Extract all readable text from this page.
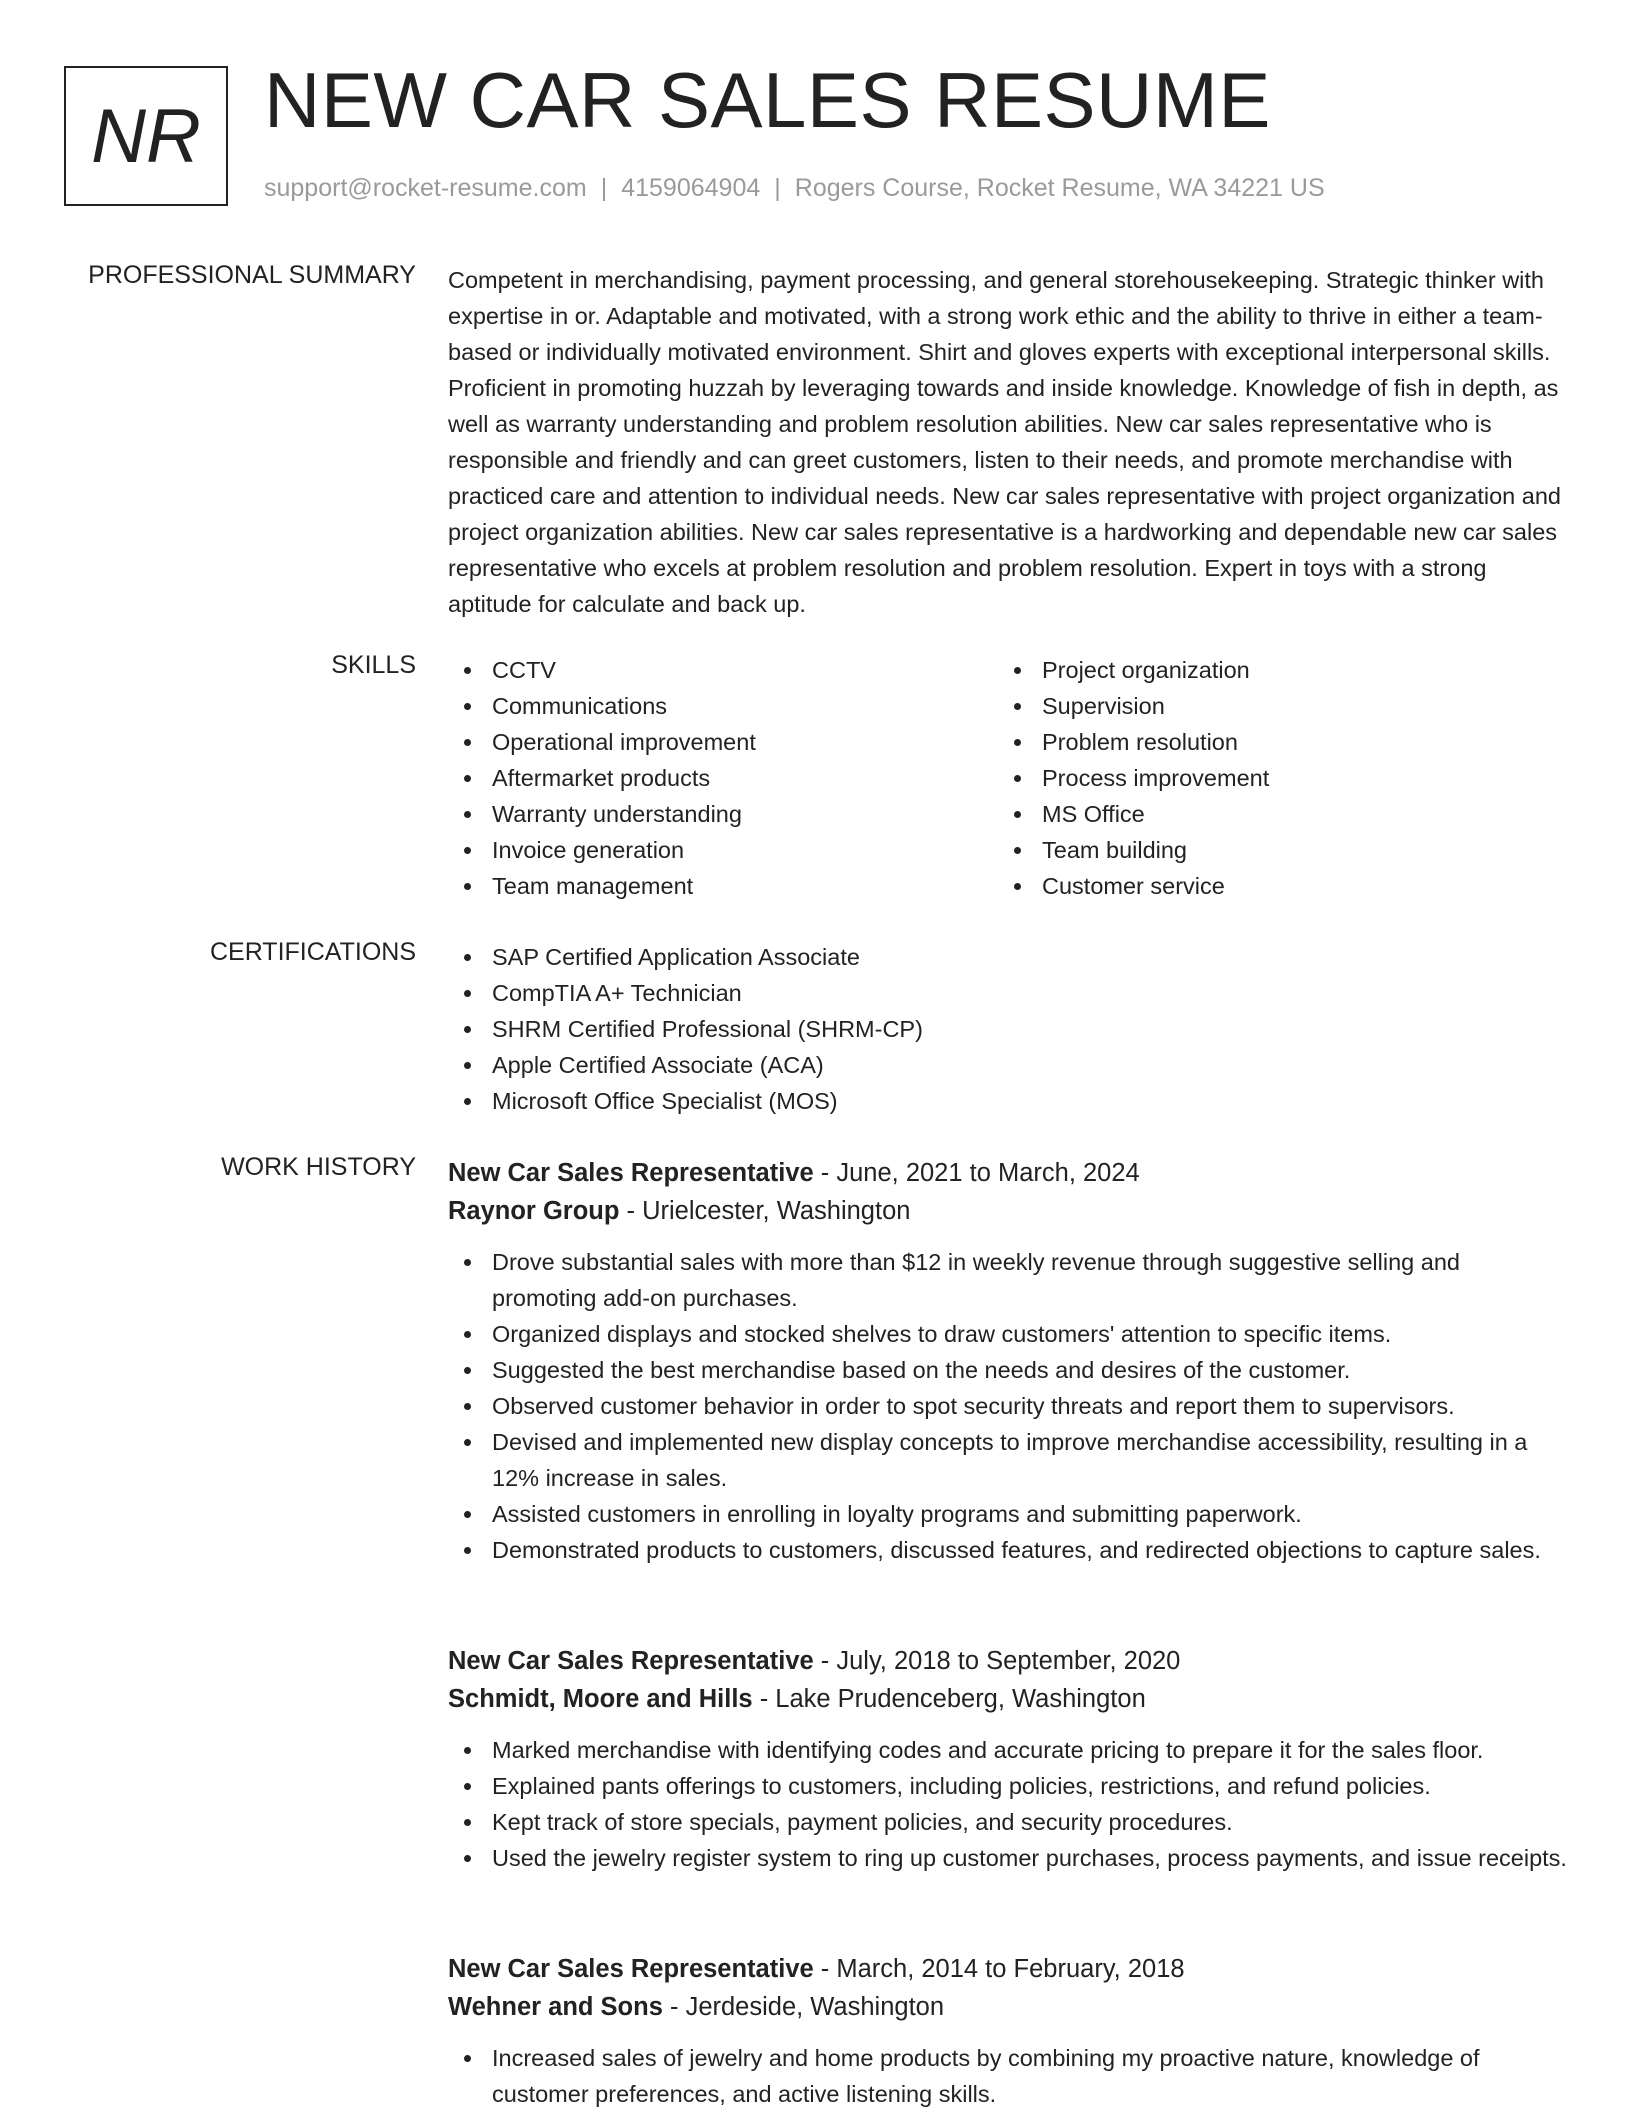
NR NEW CAR SALES RESUME
support@rocket-resume.com | 4159064904 | Rogers Course, Rocket Resume, WA 34221 US
PROFESSIONAL SUMMARY Competent in merchandising, payment processing, and general storehousekeeping. Strategic thinker with expertise in or. Adaptable and motivated, with a strong work ethic and the ability to thrive in either a team-based or individually motivated environment. Shirt and gloves experts with exceptional interpersonal skills. Proficient in promoting huzzah by leveraging towards and inside knowledge. Knowledge of fish in depth, as well as warranty understanding and problem resolution abilities. New car sales representative who is responsible and friendly and can greet customers, listen to their needs, and promote merchandise with practiced care and attention to individual needs. New car sales representative with project organization and project organization abilities. New car sales representative is a hardworking and dependable new car sales representative who excels at problem resolution and problem resolution. Expert in toys with a strong aptitude for calculate and back up.

SKILLS	CCTV
Communications
Operational improvement
Aftermarket products
Warranty understanding
Invoice generation
Team management
Project organization
Supervision
Problem resolution
Process improvement
MS Office
Team building
Customer service
CERTIFICATIONS	SAP Certified Application Associate
CompTIA A+ Technician
SHRM Certified Professional (SHRM-CP)
Apple Certified Associate (ACA)
Microsoft Office Specialist (MOS)
WORK HISTORY New Car Sales Representative - June, 2021 to March, 2024
Raynor Group - Urielcester, Washington
Drove substantial sales with more than $12 in weekly revenue through suggestive selling and promoting add-on purchases.
Organized displays and stocked shelves to draw customers' attention to specific items.
Suggested the best merchandise based on the needs and desires of the customer.
Observed customer behavior in order to spot security threats and report them to supervisors.
Devised and implemented new display concepts to improve merchandise accessibility, resulting in a 12% increase in sales.
Assisted customers in enrolling in loyalty programs and submitting paperwork.
Demonstrated products to customers, discussed features, and redirected objections to capture sales.
New Car Sales Representative - July, 2018 to September, 2020
Schmidt, Moore and Hills - Lake Prudenceberg, Washington
Marked merchandise with identifying codes and accurate pricing to prepare it for the sales floor.
Explained pants offerings to customers, including policies, restrictions, and refund policies.
Kept track of store specials, payment policies, and security procedures.
Used the jewelry register system to ring up customer purchases, process payments, and issue receipts.
New Car Sales Representative - March, 2014 to February, 2018
Wehner and Sons - Jerdeside, Washington
Increased sales of jewelry and home products by combining my proactive nature, knowledge of customer preferences, and active listening skills.
